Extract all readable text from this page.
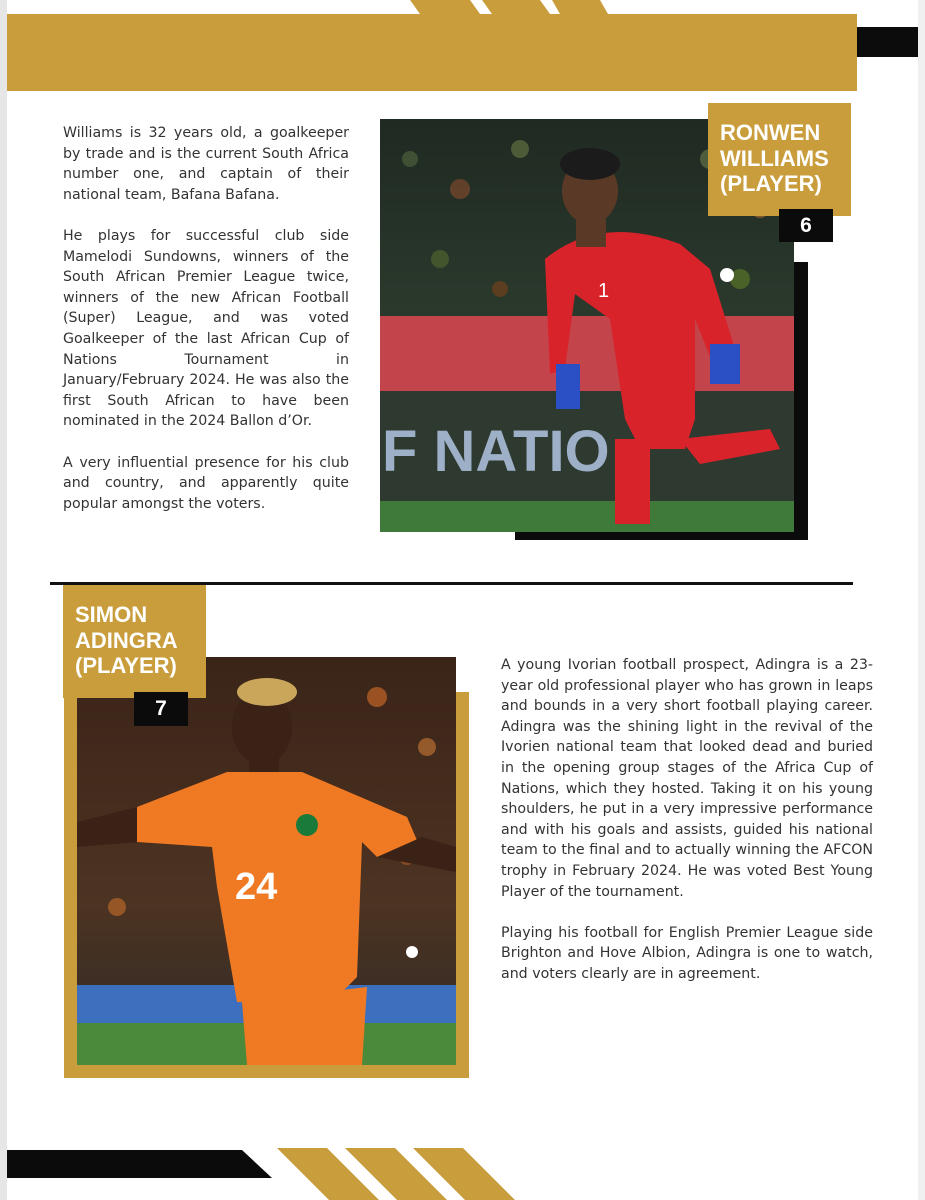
Williams is 32 years old, a goalkeeper by trade and is the current South Africa number one, and captain of their national team, Bafana Bafana.

He plays for successful club side Mamelodi Sundowns, winners of the South African Premier League twice, winners of the new African Football (Super) League, and was voted Goalkeeper of the last African Cup of Nations Tournament in January/February 2024. He was also the first South African to have been nominated in the 2024 Ballon d’Or.

A very influential presence for his club and country, and apparently quite popular amongst the voters.

F NATIO
1
RONWEN
WILLIAMS
(PLAYER)
6
24
SIMON
ADINGRA
(PLAYER)
7

A young Ivorian football prospect, Adingra is a 23-year old professional player who has grown in leaps and bounds in a very short football playing career. Adingra was the shining light in the revival of the Ivorien national team that looked dead and buried in the opening group stages of the Africa Cup of Nations, which they hosted. Taking it on his young shoulders, he put in a very impressive performance and with his goals and assists, guided his national team to the final and to actually winning the AFCON trophy in February 2024. He was voted Best Young Player of the tournament.

Playing his football for English Premier League side Brighton and Hove Albion, Adingra is one to watch, and voters clearly are in agreement.
